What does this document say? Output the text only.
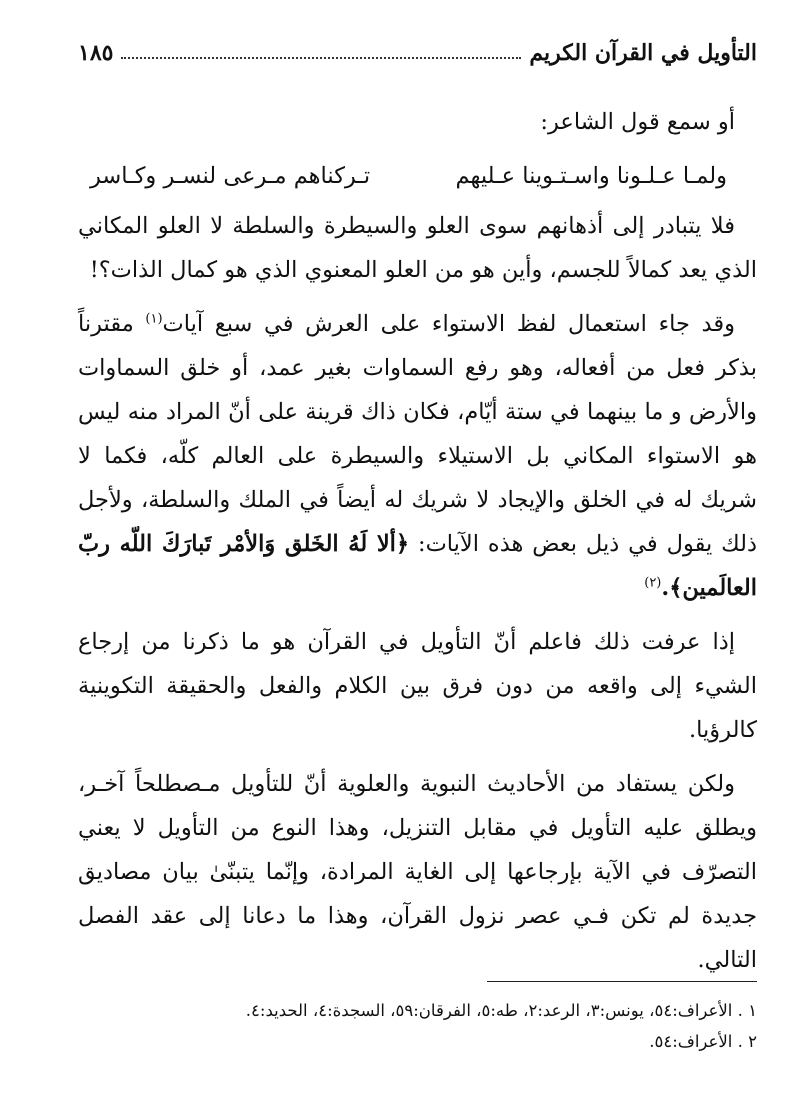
التأويل في القرآن الكريم
١٨٥

أو سمع قول الشاعر:

ولمـا عـلـونا واسـتـوينا عـليهم
تـركناهم مـرعى لنسـر وكـاسر

فلا يتبادر إلى أذهانهم سوى العلو والسيطرة والسلطة لا العلو المكاني الذي يعد كمالاً للجسم، وأين هو من العلو المعنوي الذي هو كمال الذات؟!

وقد جاء استعمال لفظ الاستواء على العرش في سبع آيات$^{(١)}$ مقترناً بذكر فعل من أفعاله، وهو رفع السماوات بغير عمد، أو خلق السماوات والأرض و ما بينهما في ستة أيّام، فكان ذاك قرينة على أنّ المراد منه ليس هو الاستواء المكاني بل الاستيلاء والسيطرة على العالم كلّه، فكما لا شريك له في الخلق والإيجاد لا شريك له أيضاً في الملك والسلطة، ولأجل ذلك يقول في ذيل بعض هذه الآيات: ﴿ألا لَهُ الخَلق وَالأمْر تَبارَكَ اللّه ربّ العالَمين﴾.$^{(٢)}$

إذا عرفت ذلك فاعلم أنّ التأويل في القرآن هو ما ذكرنا من إرجاع الشيء إلى واقعه من دون فرق بين الكلام والفعل والحقيقة التكوينية كالرؤيا.

ولكن يستفاد من الأحاديث النبوية والعلوية أنّ للتأويل مـصطلحاً آخـر، ويطلق عليه التأويل في مقابل التنزيل، وهذا النوع من التأويل لا يعني التصرّف في الآية بإرجاعها إلى الغاية المرادة، وإنّما يتبنّىٰ بيان مصاديق جديدة لم تكن فـي عصر نزول القرآن، وهذا ما دعانا إلى عقد الفصل التالي.

١ . الأعراف:٥٤، يونس:٣، الرعد:٢، طه:٥، الفرقان:٥٩، السجدة:٤، الحديد:٤.
٢ . الأعراف:٥٤.
